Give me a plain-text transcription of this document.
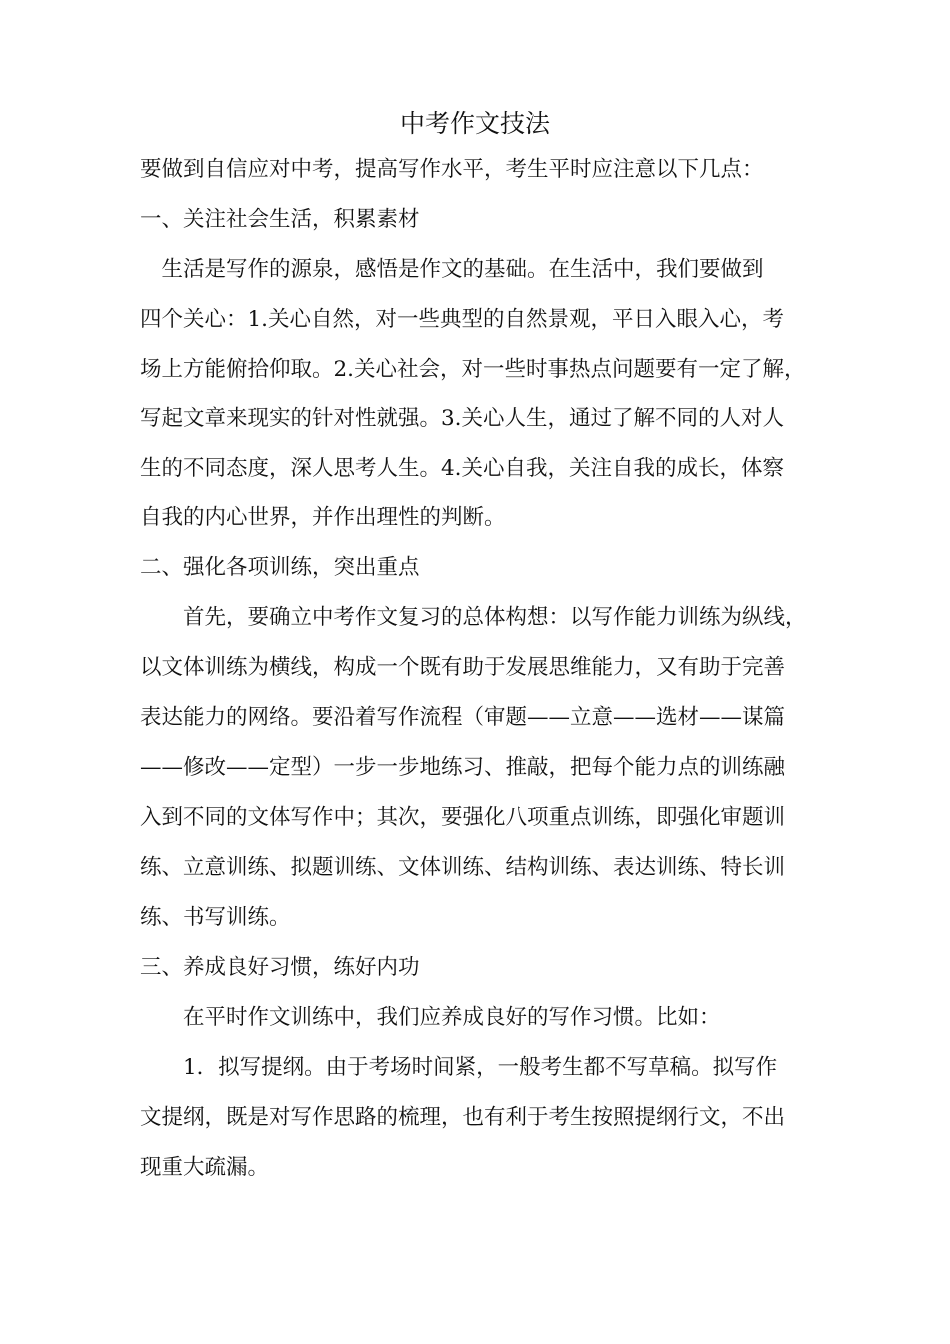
中考作文技法
要做到自信应对中考，提高写作水平，考生平时应注意以下几点：
一、关注社会生活，积累素材
　生活是写作的源泉，感悟是作文的基础。在生活中，我们要做到
四个关心：1.关心自然，对一些典型的自然景观，平日入眼入心，考
场上方能俯拾仰取。2.关心社会，对一些时事热点问题要有一定了解，
写起文章来现实的针对性就强。3.关心人生，通过了解不同的人对人
生的不同态度，深人思考人生。4.关心自我，关注自我的成长，体察
自我的内心世界，并作出理性的判断。
二、强化各项训练，突出重点
　　首先，要确立中考作文复习的总体构想：以写作能力训练为纵线，
以文体训练为横线，构成一个既有助于发展思维能力，又有助于完善
表达能力的网络。要沿着写作流程（审题——立意——选材——谋篇
——修改——定型）一步一步地练习、推敲，把每个能力点的训练融
入到不同的文体写作中；其次，要强化八项重点训练，即强化审题训
练、立意训练、拟题训练、文体训练、结构训练、表达训练、特长训
练、书写训练。
三、养成良好习惯，练好内功
　　在平时作文训练中，我们应养成良好的写作习惯。比如：
　　1．拟写提纲。由于考场时间紧，一般考生都不写草稿。拟写作
文提纲，既是对写作思路的梳理，也有利于考生按照提纲行文，不出
现重大疏漏。
